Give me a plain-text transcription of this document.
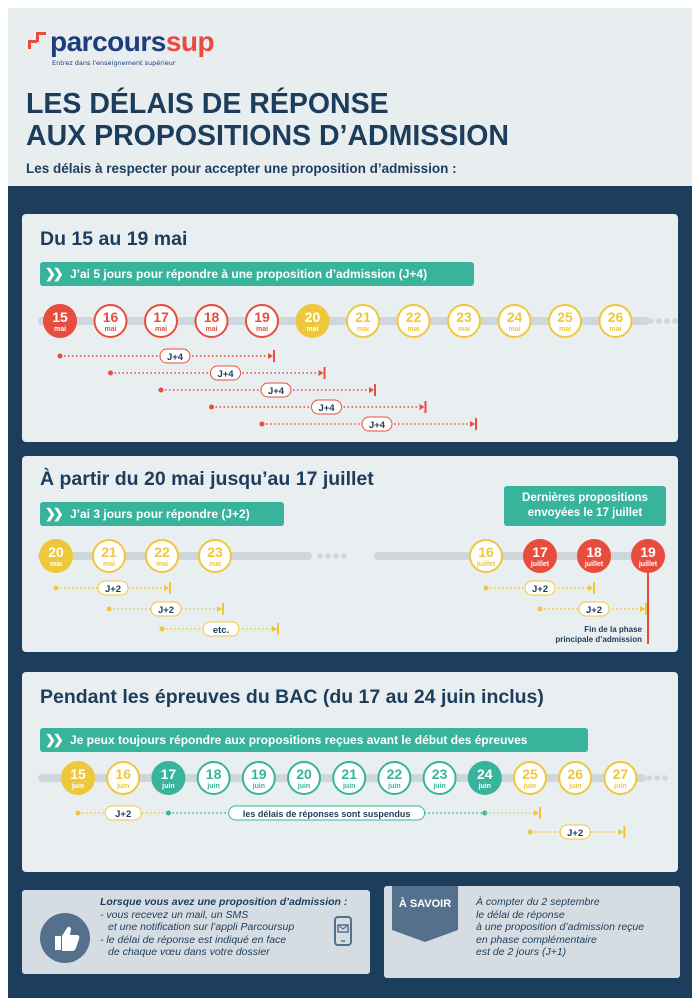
parcourssup
Entrez dans l'enseignement supérieur
LES DÉLAIS DE RÉPONSE
AUX PROPOSITIONS D’ADMISSION
Les délais à respecter pour accepter une proposition d’admission :
Du 15 au 19 mai
❯❯ J’ai 5 jours pour répondre à une proposition d’admission (J+4)
15
mai
16
mai
17
mai
18
mai
19
mai
20
mai
21
mai
22
mai
23
mai
24
mai
25
mai
26
mai
J+4
J+4
J+4
J+4
J+4
À partir du 20 mai jusqu’au 17 juillet
❯❯ J’ai 3 jours pour répondre (J+2)
Dernières propositions
envoyées le 17 juillet
20
mai
21
mai
22
mai
23
mai
16
juillet
17
juillet
18
juillet
19
juillet
J+2
J+2
etc.
J+2
J+2
Fin de la phase
principale d’admission
Pendant les épreuves du BAC (du 17 au 24 juin inclus)
❯❯ Je peux toujours répondre aux propositions reçues avant le début des épreuves
15
juin
16
juin
17
juin
18
juin
19
juin
20
juin
21
juin
22
juin
23
juin
24
juin
25
juin
26
juin
27
juin
J+2	les délais de réponses sont suspendus
J+2
Lorsque vous avez une proposition d’admission :
- vous recevez un mail, un SMS
et une notification sur l’appli Parcoursup
- le délai de réponse est indiqué en face
de chaque vœu dans votre dossier
À SAVOIR	À compter du 2 septembre
le délai de réponse
à une proposition d’admission reçue
en phase complémentaire
est de 2 jours (J+1)
